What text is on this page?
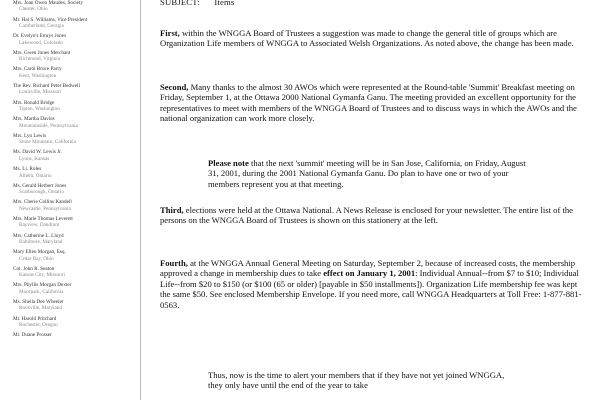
Mrs. Joan Owen Maudes, Society
Chester, Ohio
Mr. Hal S. Williams, Vice President
Cumberland, Georgia
Dr. Evelyn's Emrys Jones
Lakewood, Colorado
Mrs. Gwen Jones Merchant
Richmond, Virginia
Mrs. Carol Bruce Parry
Kent, Washington
The Rev. Richard Peter Bedwell
Louisville, Missouri
Mrs. Ronald Bridge
Tipton, Washington
Mrs. Martha Davies
Mountainside, Pennsylvania
Mrs. Lyn Lewis
Stone Mountain, California
Ms. David W. Lewis Jr.
Lyons, Kansas
Ms. Li. Roles
Alhem, Ontario
Ms. Gerald Herbert Jones
Scarborough, Ontario
Mrs. Cherie Collins Kandell
Newcastle, Pennsylvania
Mrs. Marie Thomas Leverett
Bayview, Dandrum
Mrs. Catherine L. Lloyd
Baltimore, Maryland
Mary Ellen Morgan, Esq.
Cedar Bay, Ohio
Col. John R. Seaton
Kansas City, Missouri
Mrs. Phyllis Morgan Dexter
Moorpark, California
Ms. Sheila Dee Wheeler
Rockville, Maryland
Mr. Harold Pritchard
Rochester, Oregon
Mr. Duane Prosser
SUBJECT: Items
First, within the WNGGA Board of Trustees a suggestion was made to change the general title of groups which are Organization Life members of WNGGA to Associated Welsh Organizations. As noted above, the change has been made.
Second, Many thanks to the almost 30 AWOs which were represented at the Round-table 'Summit' Breakfast meeting on Friday, September 1, at the Ottawa 2000 National Gymanfa Ganu. The meeting provided an excellent opportunity for the representatives to meet with members of the WNGGA Board of Trustees and to discuss ways in which the AWOs and the national organization can work more closely.
Please note that the next 'summit' meeting will be in San Jose, California, on Friday, August 31, 2001, during the 2001 National Gymanfa Ganu. Do plan to have one or two of your members represent you at that meeting.
Third, elections were held at the Ottawa National. A News Release is enclosed for your newsletter. The entire list of the persons on the WNGGA Board of Trustees is shown on this stationery at the left.
Fourth, at the WNGGA Annual General Meeting on Saturday, September 2, because of increased costs, the membership approved a change in membership dues to take effect on January 1, 2001: Individual Annual--from $7 to $10; Individual Life--from $20 to $150 (or $100 (65 or older) [payable in $50 installments]). Organization Life membership fee was kept the same $50. See enclosed Membership Envelope. If you need more, call WNGGA Headquarters at Toll Free: 1-877-881-0563.
Thus, now is the time to alert your members that if they have not yet joined WNGGA, they only have until the end of the year to take
